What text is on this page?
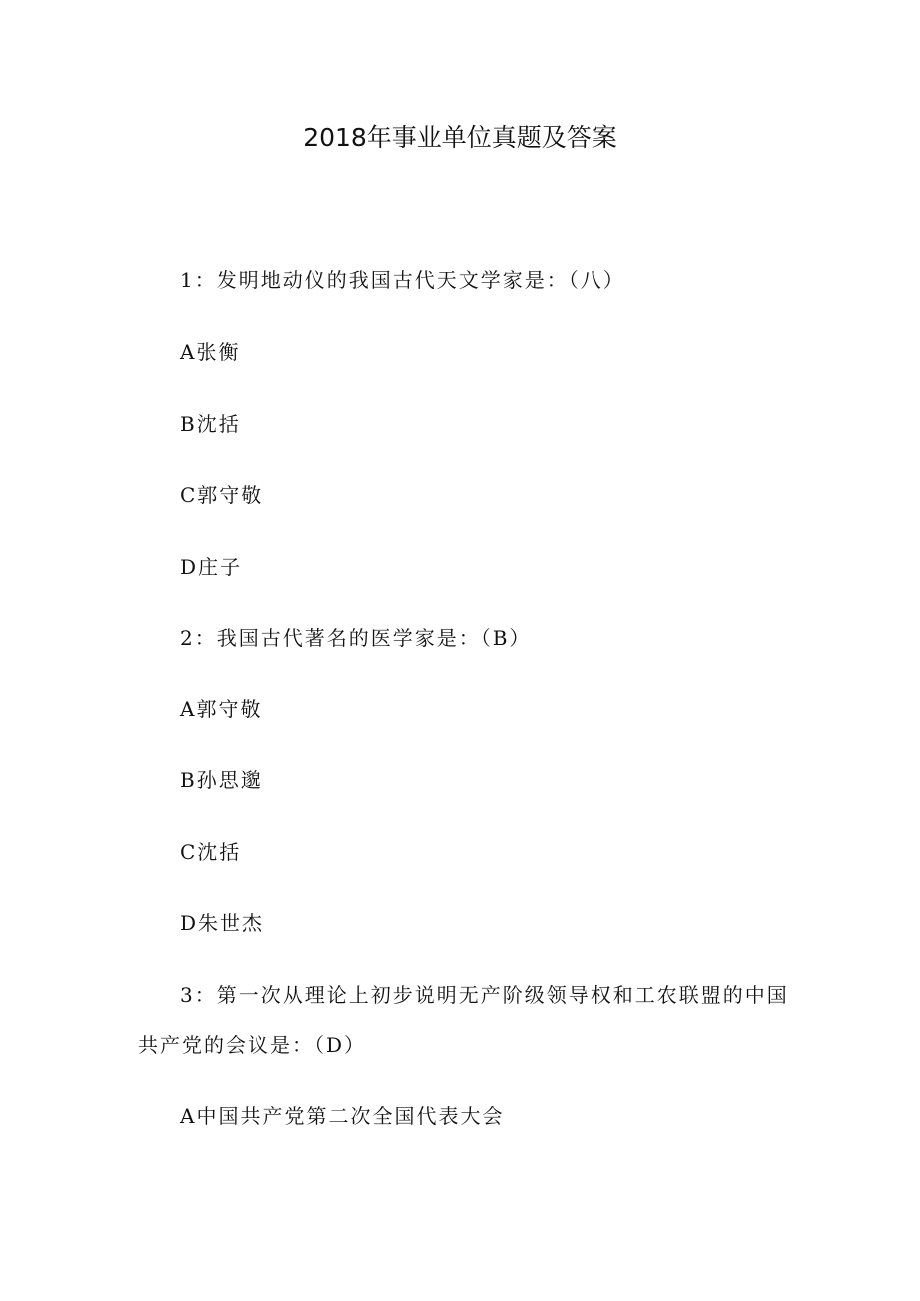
2018年事业单位真题及答案
1：发明地动仪的我国古代天文学家是：（八）
A张衡
B沈括
C郭守敬
D庄子
2：我国古代著名的医学家是：（B）
A郭守敬
B孙思邈
C沈括
D朱世杰
3：第一次从理论上初步说明无产阶级领导权和工农联盟的中国
共产党的会议是：（D）
A中国共产党第二次全国代表大会
